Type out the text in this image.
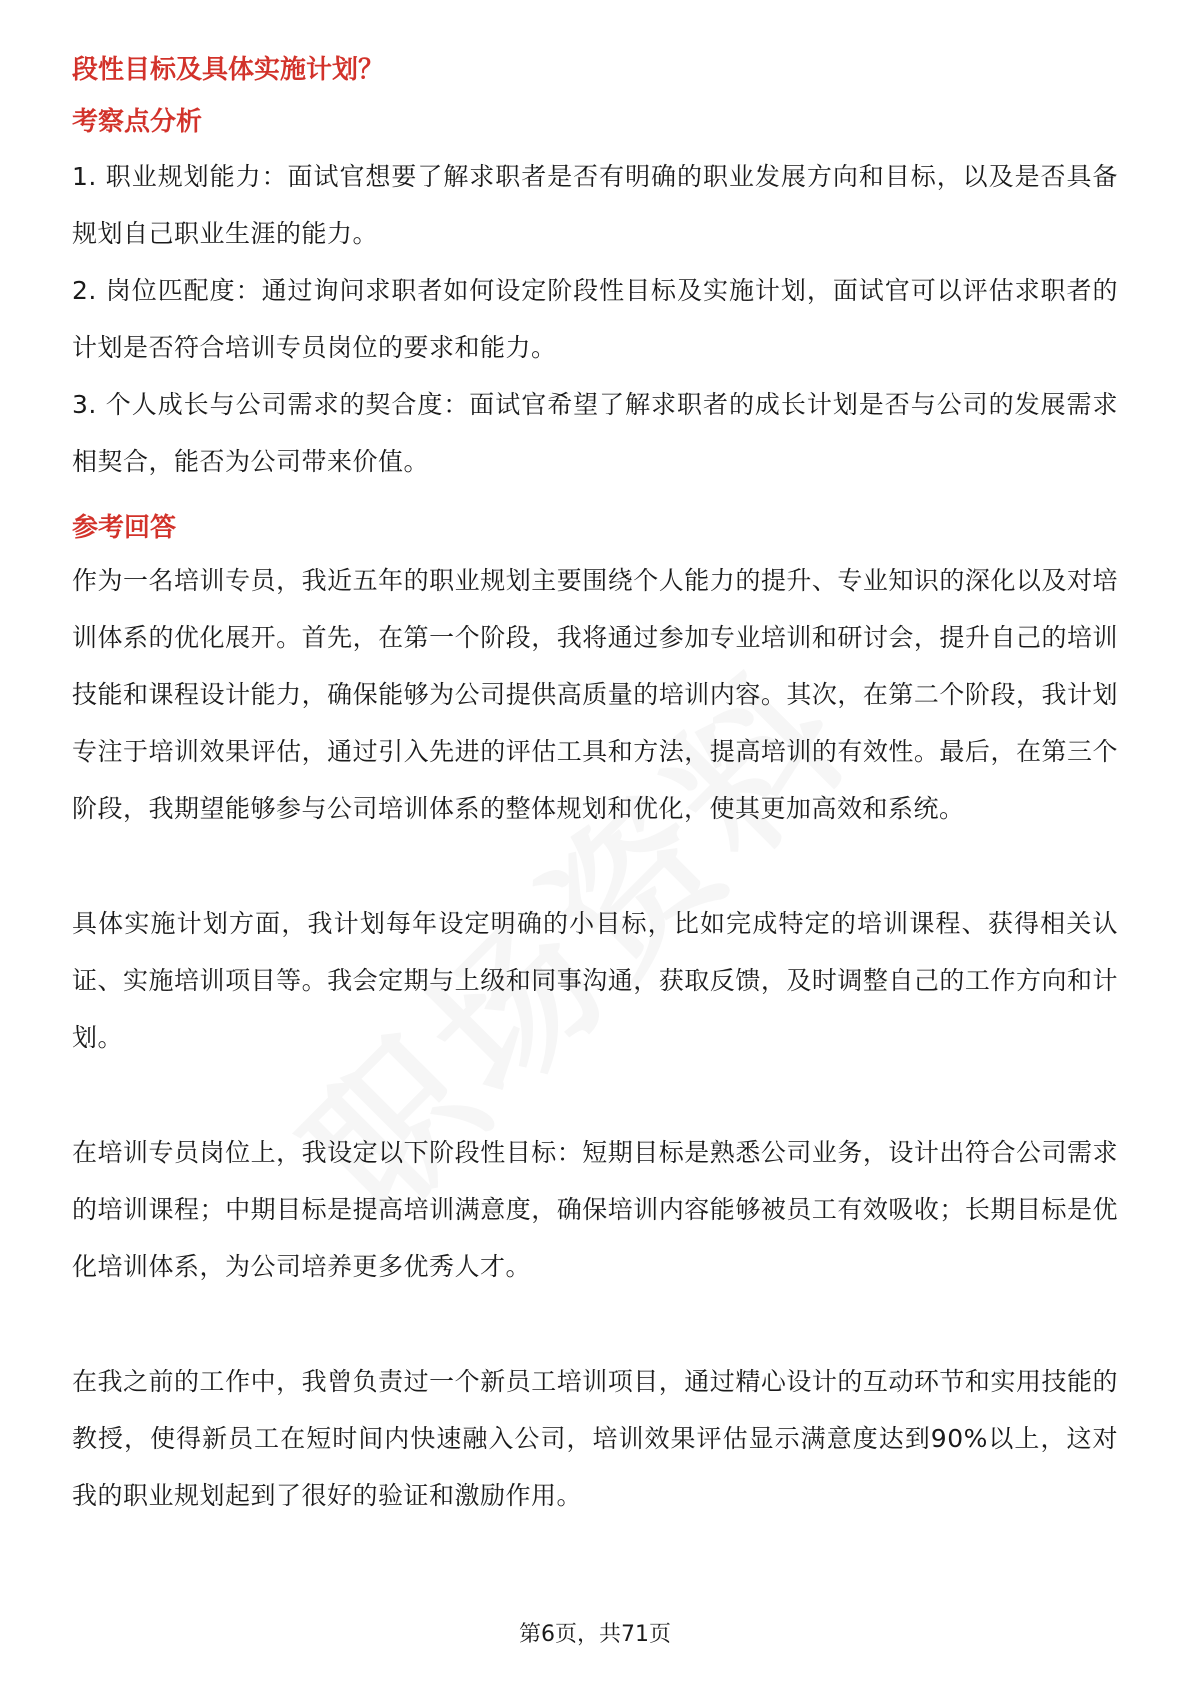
段性目标及具体实施计划？
考察点分析

1. 职业规划能力：面试官想要了解求职者是否有明确的职业发展方向和目标，以及是否具备规划自己职业生涯的能力。

2. 岗位匹配度：通过询问求职者如何设定阶段性目标及实施计划，面试官可以评估求职者的计划是否符合培训专员岗位的要求和能力。

3. 个人成长与公司需求的契合度：面试官希望了解求职者的成长计划是否与公司的发展需求相契合，能否为公司带来价值。

参考回答

作为一名培训专员，我近五年的职业规划主要围绕个人能力的提升、专业知识的深化以及对培训体系的优化展开。首先，在第一个阶段，我将通过参加专业培训和研讨会，提升自己的培训技能和课程设计能力，确保能够为公司提供高质量的培训内容。其次，在第二个阶段，我计划专注于培训效果评估，通过引入先进的评估工具和方法，提高培训的有效性。最后，在第三个阶段，我期望能够参与公司培训体系的整体规划和优化，使其更加高效和系统。

具体实施计划方面，我计划每年设定明确的小目标，比如完成特定的培训课程、获得相关认证、实施培训项目等。我会定期与上级和同事沟通，获取反馈，及时调整自己的工作方向和计划。

在培训专员岗位上，我设定以下阶段性目标：短期目标是熟悉公司业务，设计出符合公司需求的培训课程；中期目标是提高培训满意度，确保培训内容能够被员工有效吸收；长期目标是优化培训体系，为公司培养更多优秀人才。

在我之前的工作中，我曾负责过一个新员工培训项目，通过精心设计的互动环节和实用技能的教授，使得新员工在短时间内快速融入公司，培训效果评估显示满意度达到90%以上，这对我的职业规划起到了很好的验证和激励作用。

第6页，共71页
